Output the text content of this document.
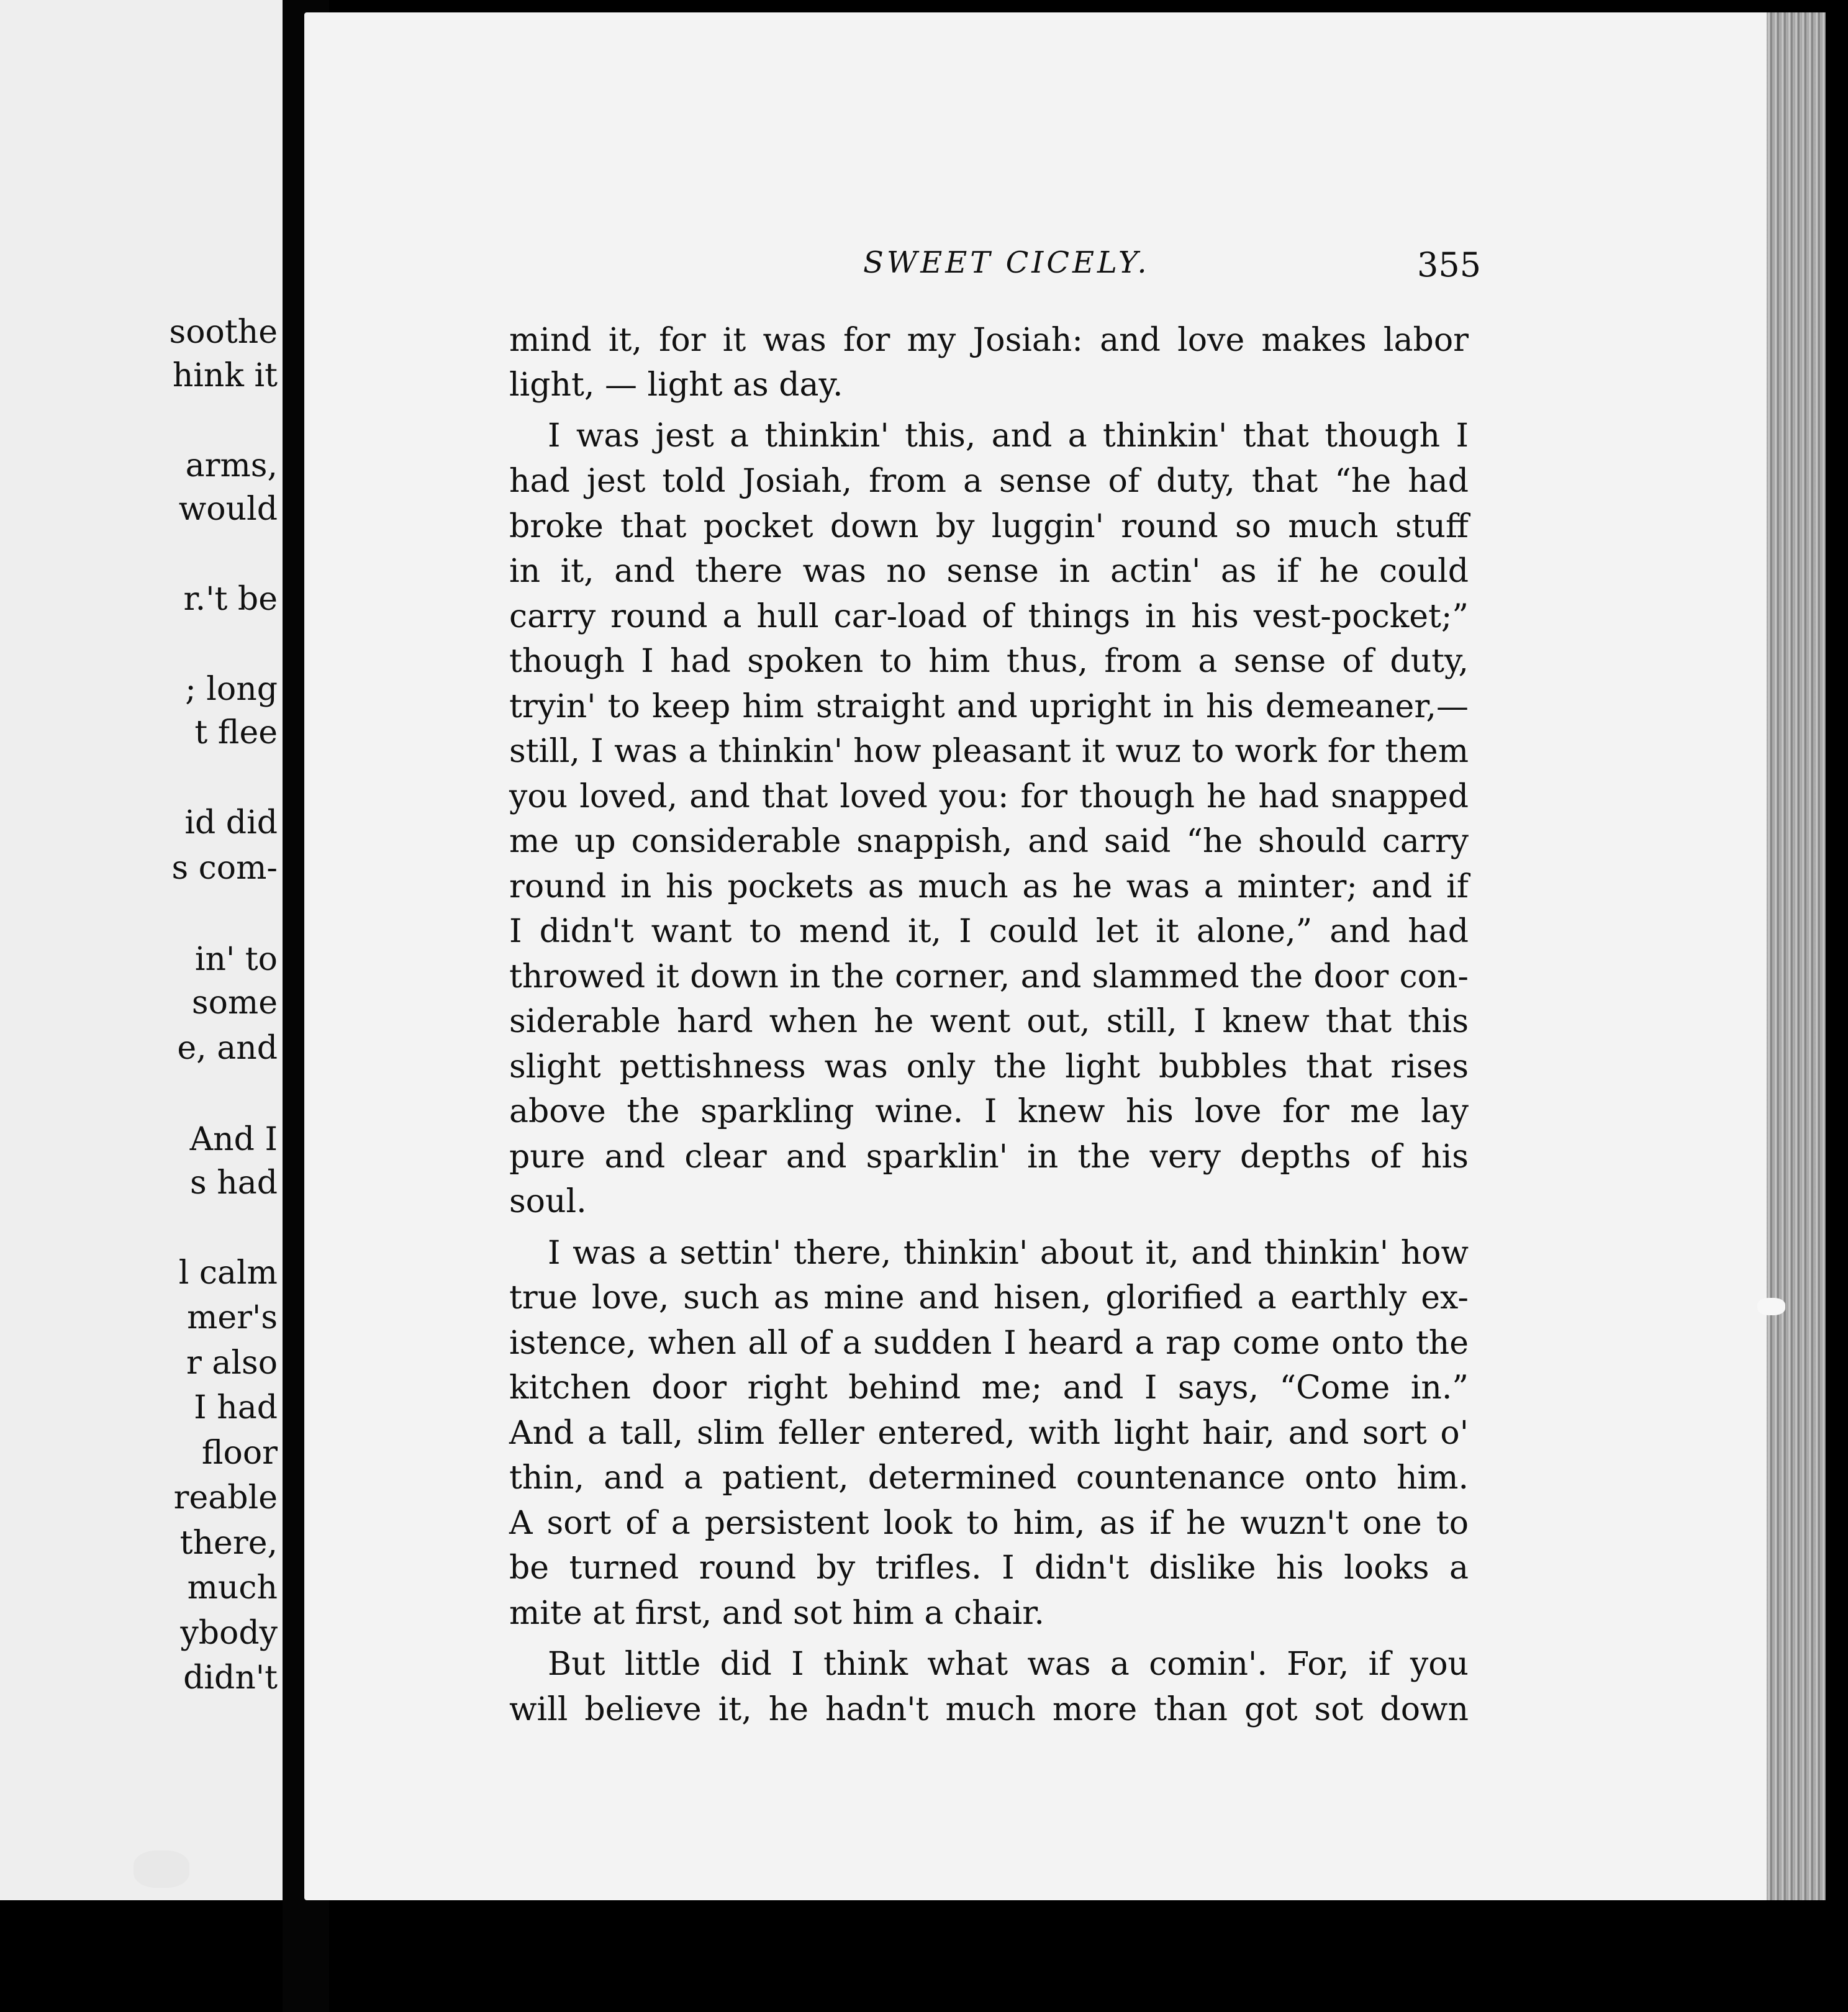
soothe
hink it
arms,
would
r.'t be
; long
t flee
id did
s com-
in' to
some
e, and
And I
s had
l calm
mer's
r also
I had
floor
reable
there,
much
ybody
didn't
SWEET CICELY.	355
mind it, for it was for my Josiah: and love makes labor
light, — light as day.
I was jest a thinkin' this, and a thinkin' that though I
had jest told Josiah, from a sense of duty, that “he had
broke that pocket down by luggin' round so much stuff
in it, and there was no sense in actin' as if he could
carry round a hull car-load of things in his vest-pocket;”
though I had spoken to him thus, from a sense of duty,
tryin' to keep him straight and upright in his demeaner,—
still, I was a thinkin' how pleasant it wuz to work for them
you loved, and that loved you: for though he had snapped
me up considerable snappish, and said “he should carry
round in his pockets as much as he was a minter; and if
I didn't want to mend it, I could let it alone,” and had
throwed it down in the corner, and slammed the door con-
siderable hard when he went out, still, I knew that this
slight pettishness was only the light bubbles that rises
above the sparkling wine. I knew his love for me lay
pure and clear and sparklin' in the very depths of his
soul.
I was a settin' there, thinkin' about it, and thinkin' how
true love, such as mine and hisen, glorified a earthly ex-
istence, when all of a sudden I heard a rap come onto the
kitchen door right behind me; and I says, “Come in.”
And a tall, slim feller entered, with light hair, and sort o'
thin, and a patient, determined countenance onto him.
A sort of a persistent look to him, as if he wuzn't one to
be turned round by trifles. I didn't dislike his looks a
mite at first, and sot him a chair.
But little did I think what was a comin'. For, if you
will believe it, he hadn't much more than got sot down
